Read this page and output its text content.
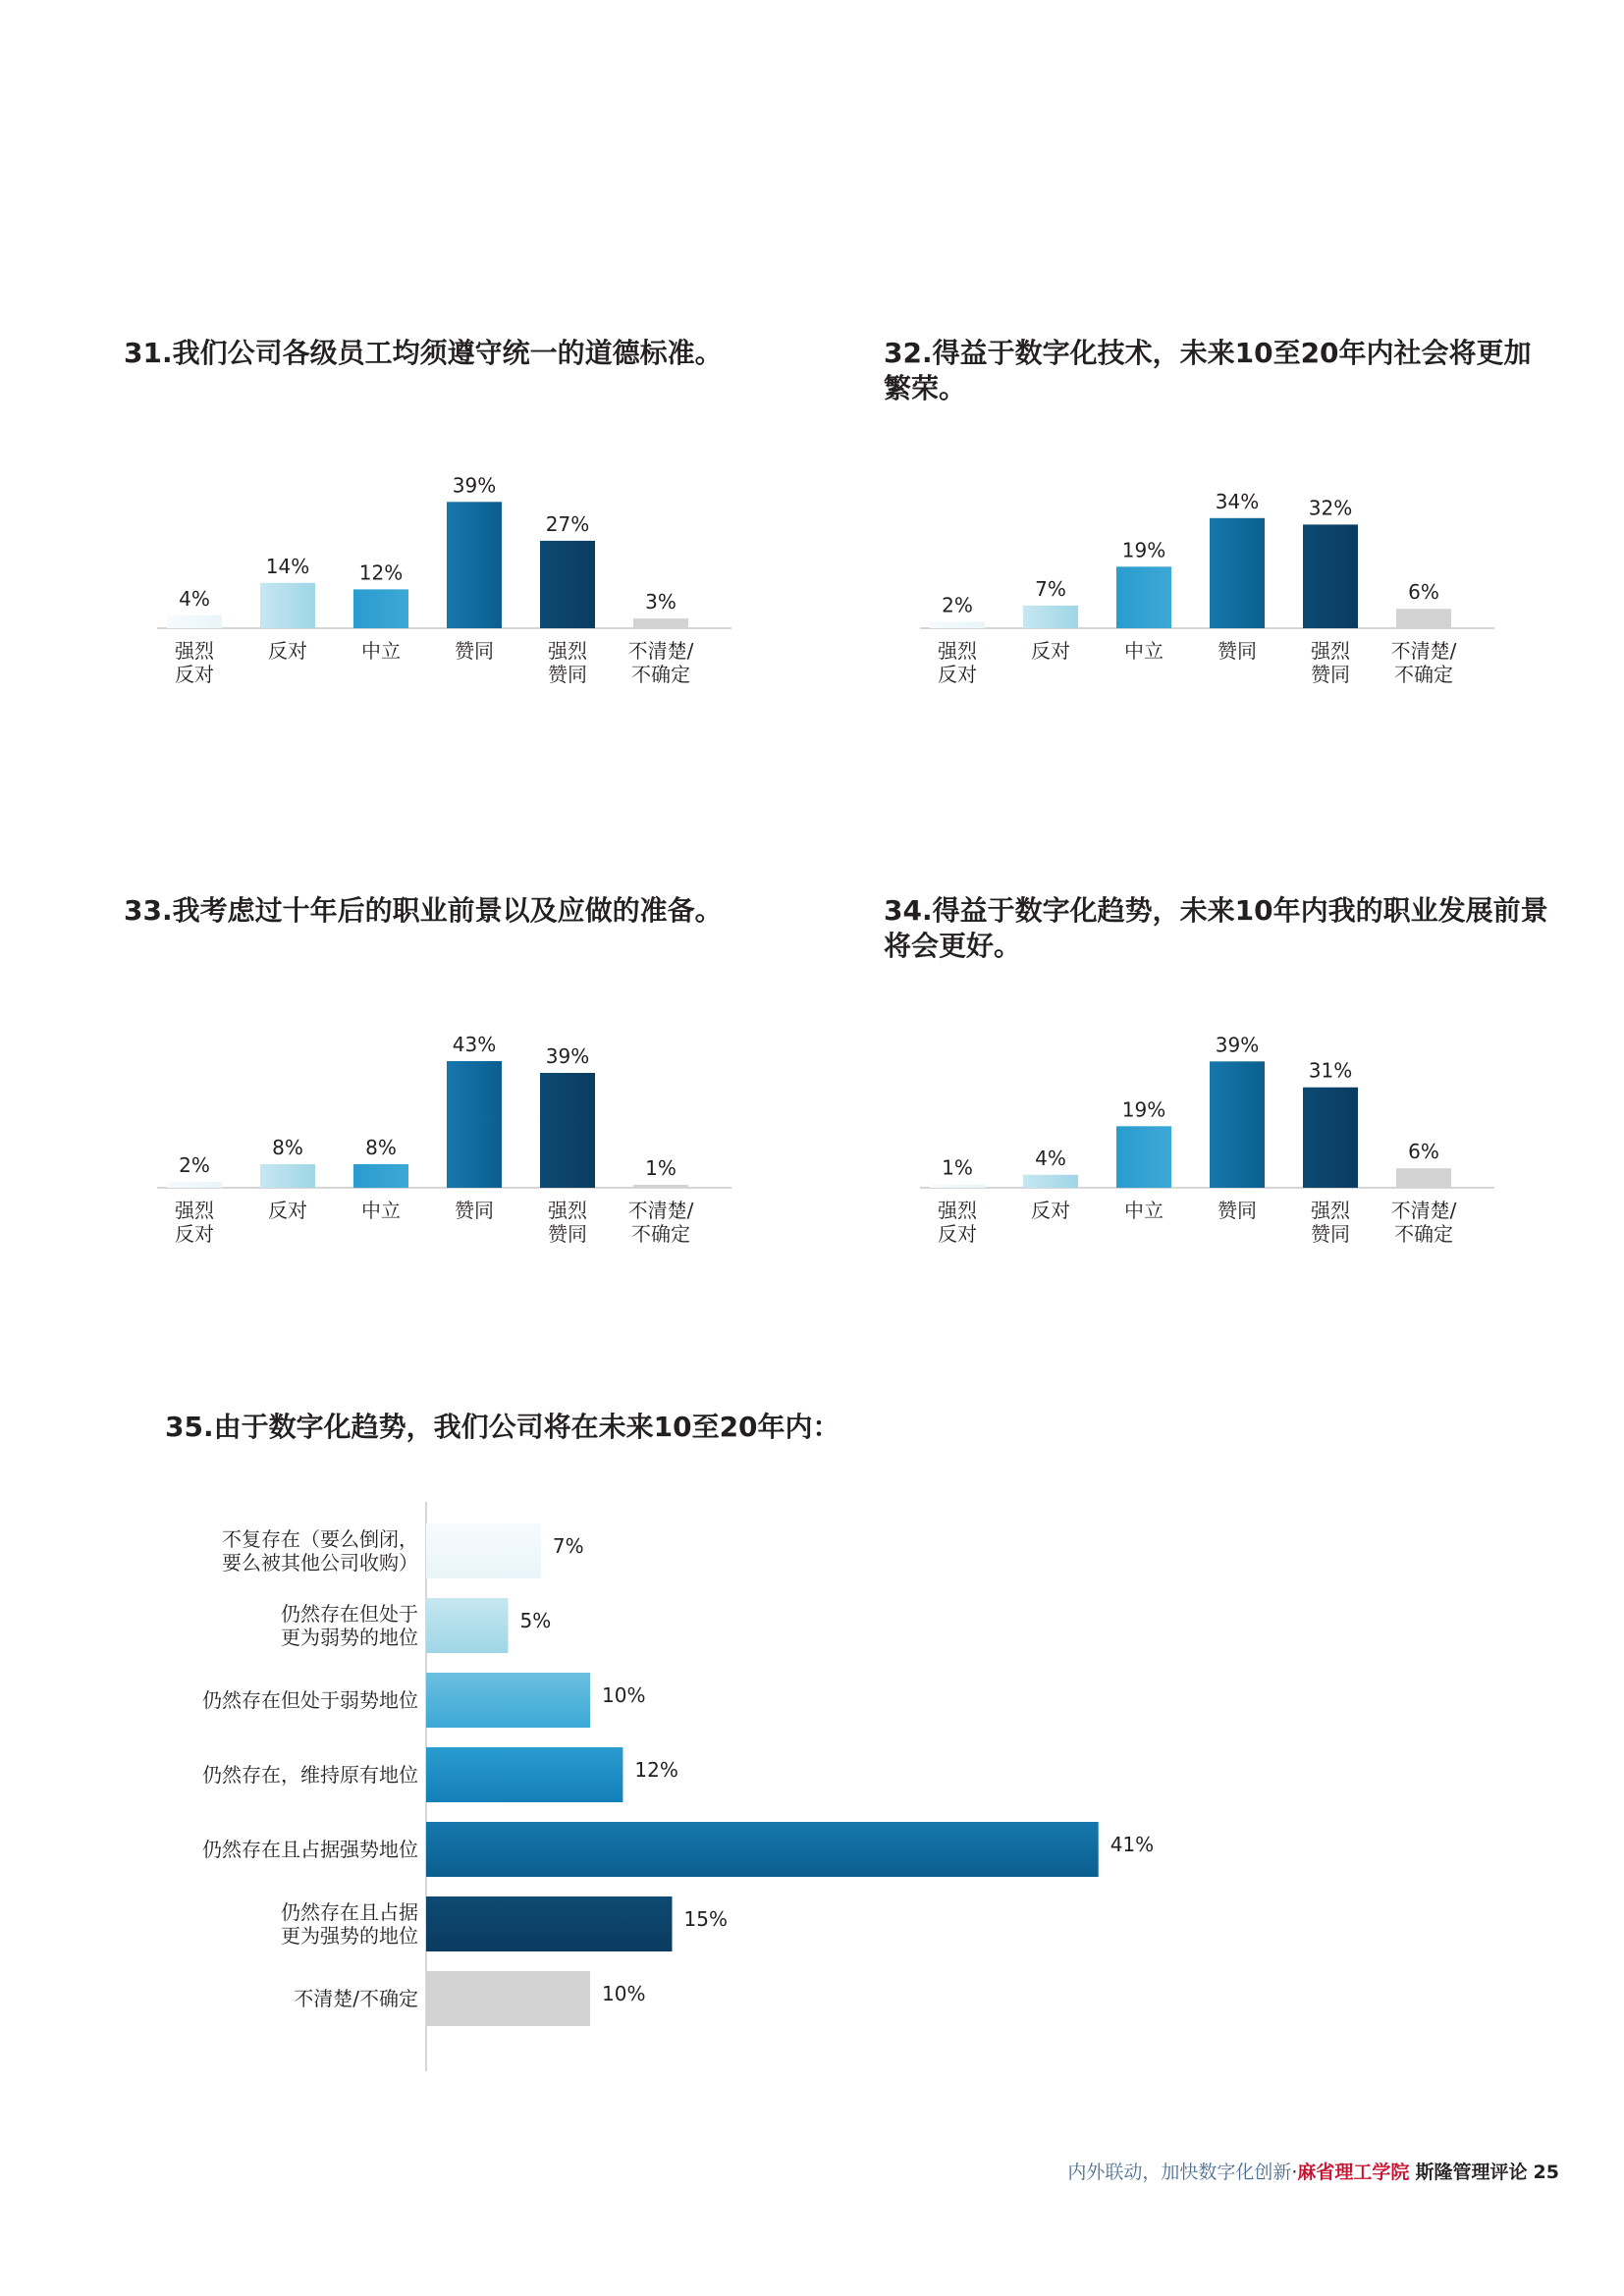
31.我们公司各级员工均须遵守统一的道德标准。	32.得益于数字化技术，未来10至20年内社会将更加繁荣。
33.我考虑过十年后的职业前景以及应做的准备。	34.得益于数字化趋势，未来10年内我的职业发展前景将会更好。
35.由于数字化趋势，我们公司将在未来10至20年内：
4%
强烈
反对
14%
反对
12%
中立
39%
赞同
27%
强烈
赞同
3%
不清楚/
不确定
2%
强烈
反对
7%
反对
19%
中立
34%
赞同
32%
强烈
赞同
6%
不清楚/
不确定
2%
强烈
反对
8%
反对
8%
中立
43%
赞同
39%
强烈
赞同
1%
不清楚/
不确定
1%
强烈
反对
4%
反对
19%
中立
39%
赞同
31%
强烈
赞同
6%
不清楚/
不确定
7%
不复存在（要么倒闭，
要么被其他公司收购）
5%
仍然存在但处于
更为弱势的地位
10%
仍然存在但处于弱势地位
12%
仍然存在，维持原有地位
41%
仍然存在且占据强势地位
15%
仍然存在且占据
更为强势的地位
10%
不清楚/不确定
内外联动，加快数字化创新·麻省理工学院 斯隆管理评论 25
